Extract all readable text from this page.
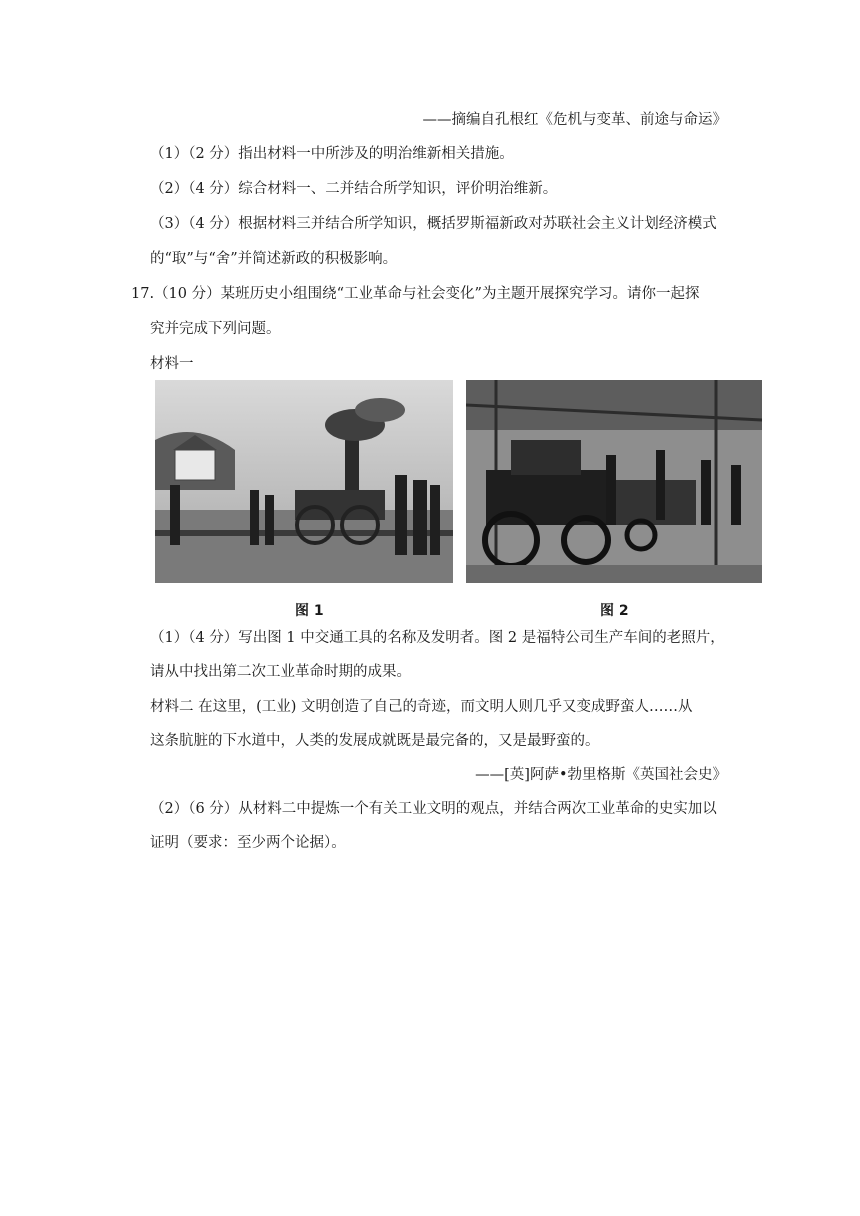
——摘编自孔根红《危机与变革、前途与命运》
（1）（2 分）指出材料一中所涉及的明治维新相关措施。
（2）（4 分）综合材料一、二并结合所学知识，评价明治维新。
（3）（4 分）根据材料三并结合所学知识，概括罗斯福新政对苏联社会主义计划经济模式
的“取”与“舍”并简述新政的积极影响。
17.（10 分）某班历史小组围绕“工业革命与社会变化”为主题开展探究学习。请你一起探
究并完成下列问题。
材料一
图 1	图 2
（1）（4 分）写出图 1 中交通工具的名称及发明者。图 2 是福特公司生产车间的老照片，
请从中找出第二次工业革命时期的成果。
材料二 在这里，(工业) 文明创造了自己的奇迹，而文明人则几乎又变成野蛮人……从
这条肮脏的下水道中，人类的发展成就既是最完备的，又是最野蛮的。
——[英]阿萨•勃里格斯《英国社会史》
（2）（6 分）从材料二中提炼一个有关工业文明的观点，并结合两次工业革命的史实加以
证明（要求：至少两个论据）。
